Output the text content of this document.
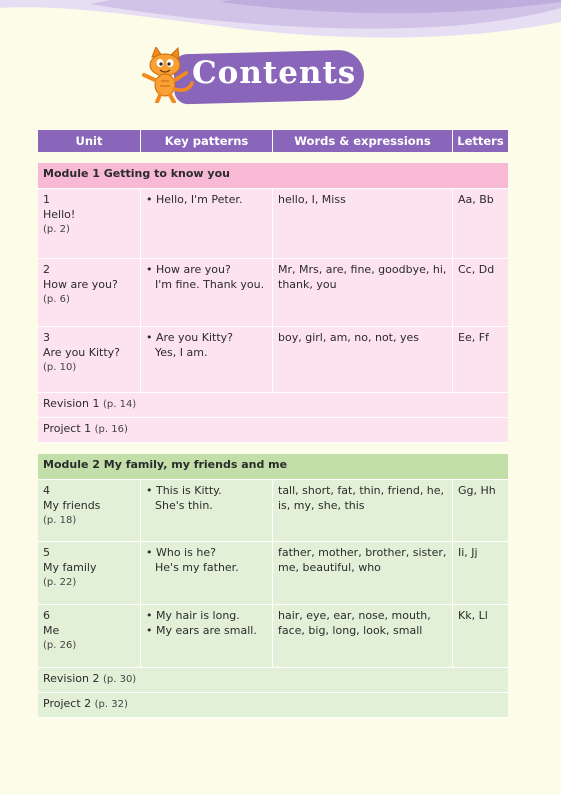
Contents
Unit	Key patterns	Words & expressions	Letters

Module 1 Getting to know you			

1
Hello!
(p. 2)	• Hello, I'm Peter.	hello, I, Miss	Aa, Bb

2
How are you?
(p. 6)	• How are you?
I'm fine. Thank you.	Mr, Mrs, are, fine, goodbye, hi, thank, you	Cc, Dd

3
Are you Kitty?
(p. 10)	• Are you Kitty?
Yes, I am.	boy, girl, am, no, not, yes	Ee, Ff
Revision 1 (p. 14)			
Project 1 (p. 16)			

Module 2 My family, my friends and me			

4
My friends
(p. 18)	• This is Kitty.
She's thin.	tall, short, fat, thin, friend, he, is, my, she, this	Gg, Hh

5
My family
(p. 22)	• Who is he?
He's my father.	father, mother, brother, sister, me, beautiful, who	Ii, Jj

6
Me
(p. 26)	• My hair is long.
• My ears are small.	hair, eye, ear, nose, mouth, face, big, long, look, small	Kk, Ll
Revision 2 (p. 30)			
Project 2 (p. 32)			
